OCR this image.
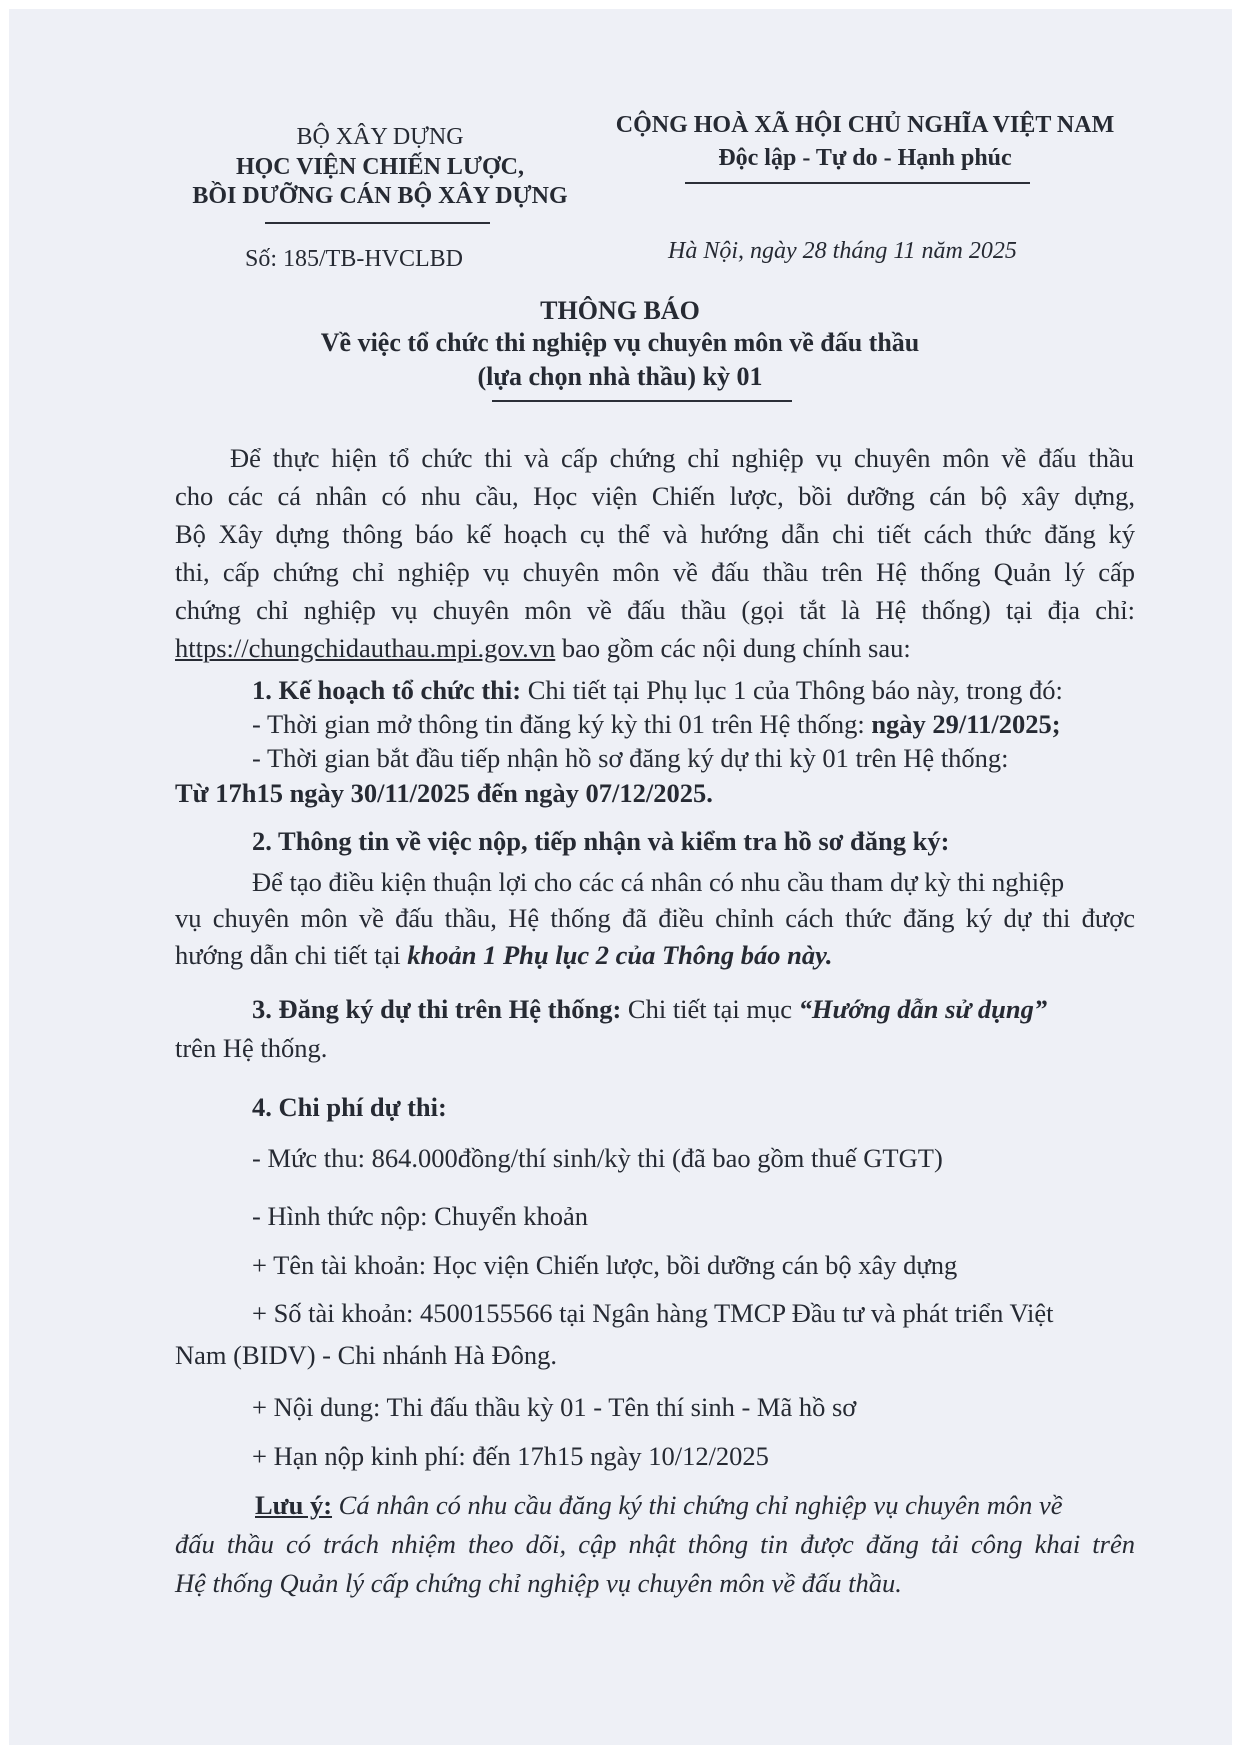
BỘ XÂY DỰNG
HỌC VIỆN CHIẾN LƯỢC,
BỒI DƯỠNG CÁN BỘ XÂY DỰNG
CỘNG HOÀ XÃ HỘI CHỦ NGHĨA VIỆT NAM
Độc lập - Tự do - Hạnh phúc
Số: 185/TB-HVCLBD	Hà Nội, ngày 28 tháng 11 năm 2025
THÔNG BÁO
Về việc tổ chức thi nghiệp vụ chuyên môn về đấu thầu
(lựa chọn nhà thầu) kỳ 01
Để thực hiện tổ chức thi và cấp chứng chỉ nghiệp vụ chuyên môn về đấu thầu
cho các cá nhân có nhu cầu, Học viện Chiến lược, bồi dưỡng cán bộ xây dựng,
Bộ Xây dựng thông báo kế hoạch cụ thể và hướng dẫn chi tiết cách thức đăng ký
thi, cấp chứng chỉ nghiệp vụ chuyên môn về đấu thầu trên Hệ thống Quản lý cấp
chứng chỉ nghiệp vụ chuyên môn về đấu thầu (gọi tắt là Hệ thống) tại địa chỉ:
https://chungchidauthau.mpi.gov.vn bao gồm các nội dung chính sau:
1. Kế hoạch tổ chức thi: Chi tiết tại Phụ lục 1 của Thông báo này, trong đó:
- Thời gian mở thông tin đăng ký kỳ thi 01 trên Hệ thống: ngày 29/11/2025;
- Thời gian bắt đầu tiếp nhận hồ sơ đăng ký dự thi kỳ 01 trên Hệ thống:
Từ 17h15 ngày 30/11/2025 đến ngày 07/12/2025.
2. Thông tin về việc nộp, tiếp nhận và kiểm tra hồ sơ đăng ký:
Để tạo điều kiện thuận lợi cho các cá nhân có nhu cầu tham dự kỳ thi nghiệp
vụ chuyên môn về đấu thầu, Hệ thống đã điều chỉnh cách thức đăng ký dự thi được
hướng dẫn chi tiết tại khoản 1 Phụ lục 2 của Thông báo này.
3. Đăng ký dự thi trên Hệ thống: Chi tiết tại mục “Hướng dẫn sử dụng”
trên Hệ thống.
4. Chi phí dự thi:
- Mức thu: 864.000đồng/thí sinh/kỳ thi (đã bao gồm thuế GTGT)
- Hình thức nộp: Chuyển khoản
+ Tên tài khoản: Học viện Chiến lược, bồi dưỡng cán bộ xây dựng
+ Số tài khoản: 4500155566 tại Ngân hàng TMCP Đầu tư và phát triển Việt
Nam (BIDV) - Chi nhánh Hà Đông.
+ Nội dung: Thi đấu thầu kỳ 01 - Tên thí sinh - Mã hồ sơ
+ Hạn nộp kinh phí: đến 17h15 ngày 10/12/2025
Lưu ý: Cá nhân có nhu cầu đăng ký thi chứng chỉ nghiệp vụ chuyên môn về
đấu thầu có trách nhiệm theo dõi, cập nhật thông tin được đăng tải công khai trên
Hệ thống Quản lý cấp chứng chỉ nghiệp vụ chuyên môn về đấu thầu.
